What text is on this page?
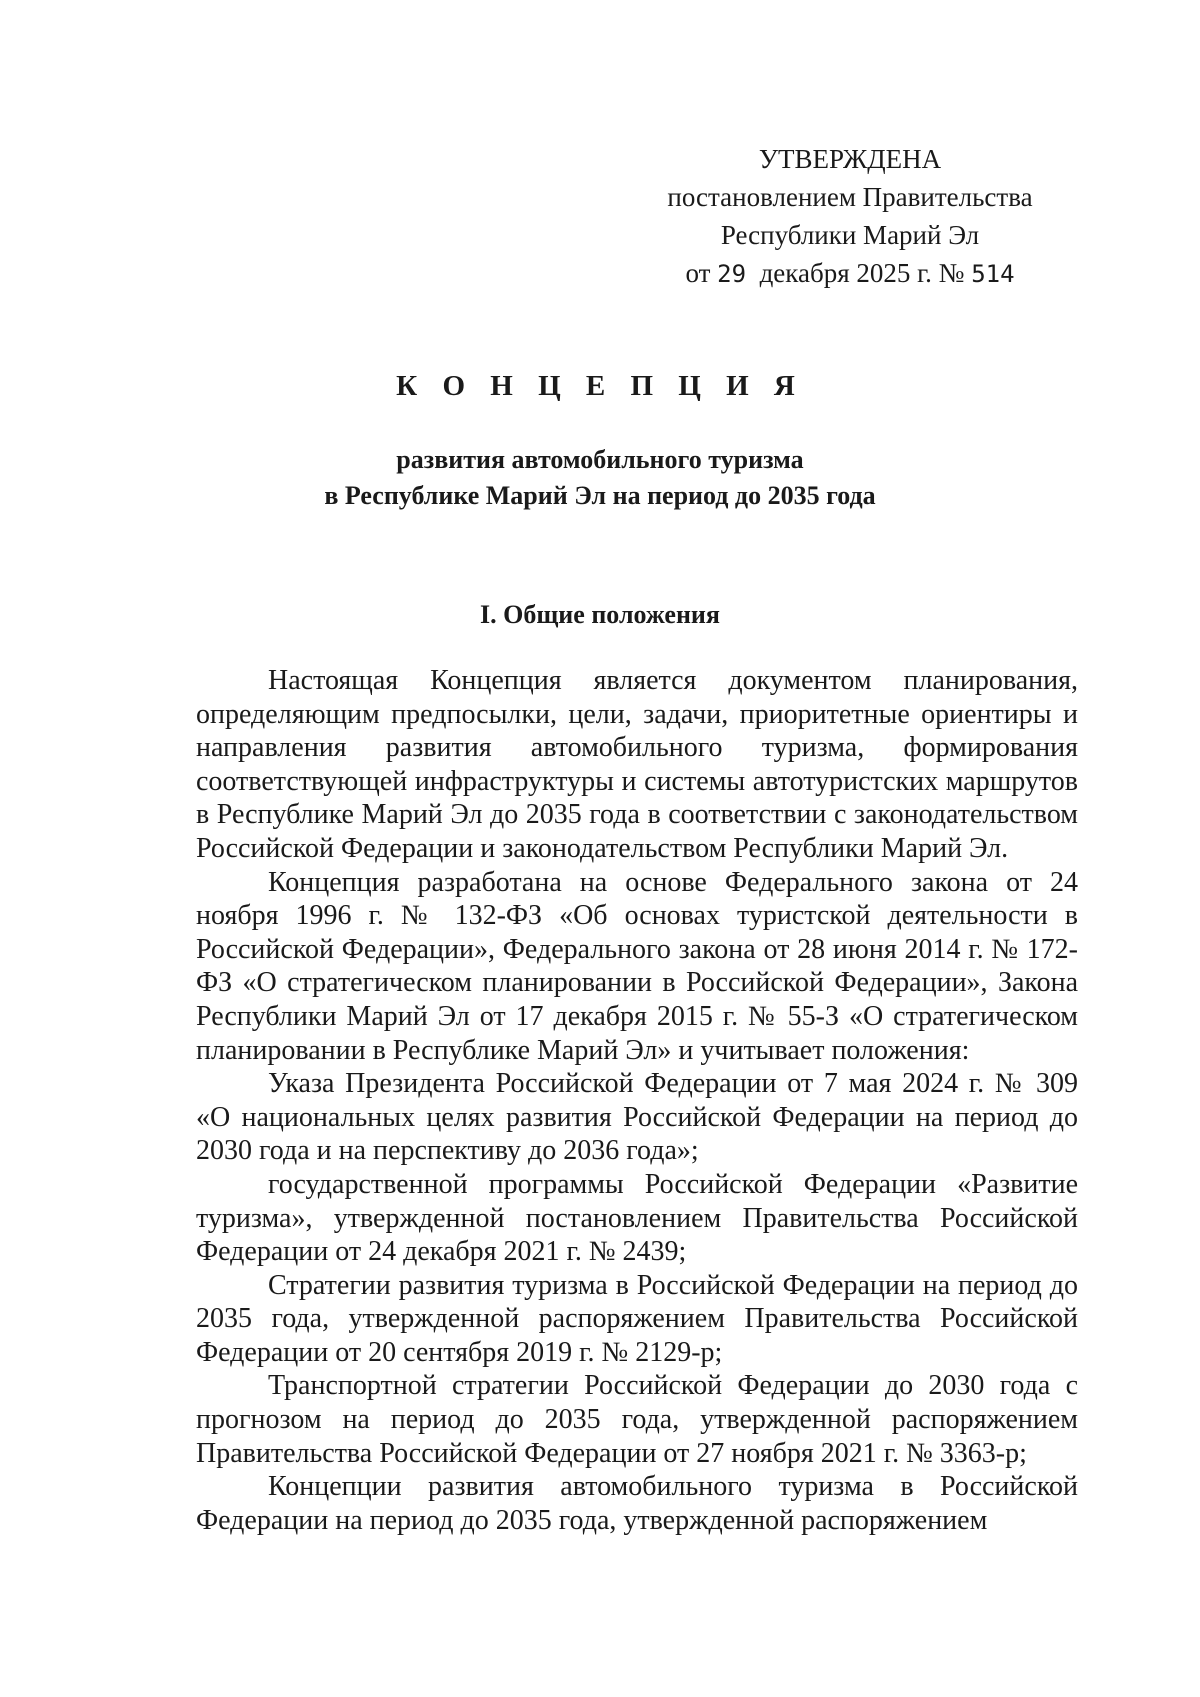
УТВЕРЖДЕНА
постановлением Правительства
Республики Марий Эл
от 29 декабря 2025 г. № 514
К О Н Ц Е П Ц И Я
развития автомобильного туризма
в Республике Марий Эл на период до 2035 года
I. Общие положения

Настоящая Концепция является документом планирования, определяющим предпосылки, цели, задачи, приоритетные ориентиры и направления развития автомобильного туризма, формирования соответствующей инфраструктуры и системы автотуристских маршрутов в Республике Марий Эл до 2035 года в соответствии с законодательством Российской Федерации и законодательством Республики Марий Эл.

Концепция разработана на основе Федерального закона от 24 ноября 1996 г. № 132-ФЗ «Об основах туристской деятельности в Российской Федерации», Федерального закона от 28 июня 2014 г. № 172-ФЗ «О стратегическом планировании в Российской Федерации», Закона Республики Марий Эл от 17 декабря 2015 г. № 55-З «О стратегическом планировании в Республике Марий Эл» и учитывает положения:

Указа Президента Российской Федерации от 7 мая 2024 г. № 309 «О национальных целях развития Российской Федерации на период до 2030 года и на перспективу до 2036 года»;

государственной программы Российской Федерации «Развитие туризма», утвержденной постановлением Правительства Российской Федерации от 24 декабря 2021 г. № 2439;

Стратегии развития туризма в Российской Федерации на период до 2035 года, утвержденной распоряжением Правительства Российской Федерации от 20 сентября 2019 г. № 2129-р;

Транспортной стратегии Российской Федерации до 2030 года с прогнозом на период до 2035 года, утвержденной распоряжением Правительства Российской Федерации от 27 ноября 2021 г. № 3363-р;

Концепции развития автомобильного туризма в Российской Федерации на период до 2035 года, утвержденной распоряжением
